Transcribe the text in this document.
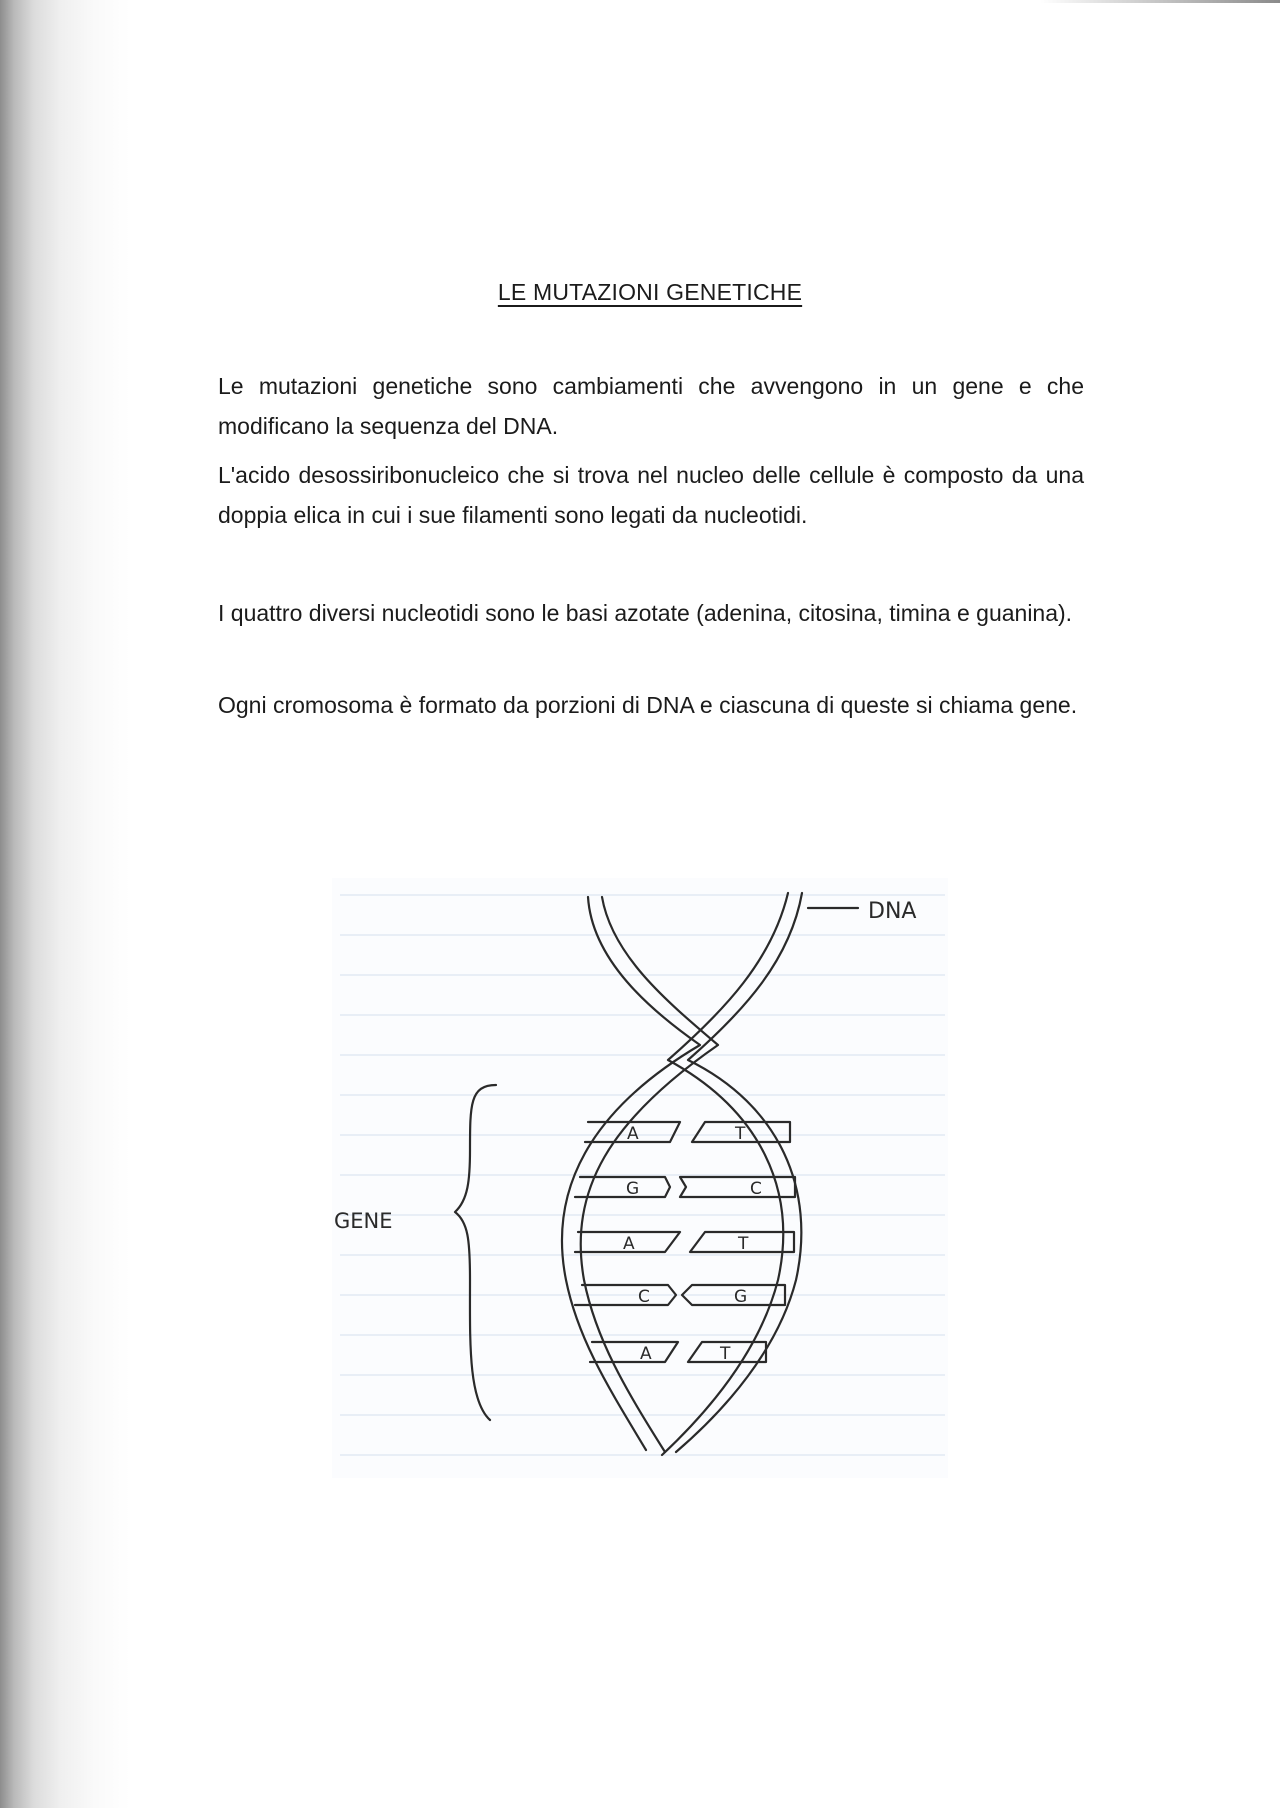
LE MUTAZIONI GENETICHE
Le mutazioni genetiche sono cambiamenti che avvengono in un gene e che modificano la sequenza del DNA.
L'acido desossiribonucleico che si trova nel nucleo delle cellule è composto da una doppia elica in cui i sue filamenti sono legati da nucleotidi.
I quattro diversi nucleotidi sono le basi azotate (adenina, citosina, timina e guanina).
Ogni cromosoma è formato da porzioni di DNA e ciascuna di queste si chiama gene.
DNA
GENE
A	T
G	C
A	T
C	G
A	T
